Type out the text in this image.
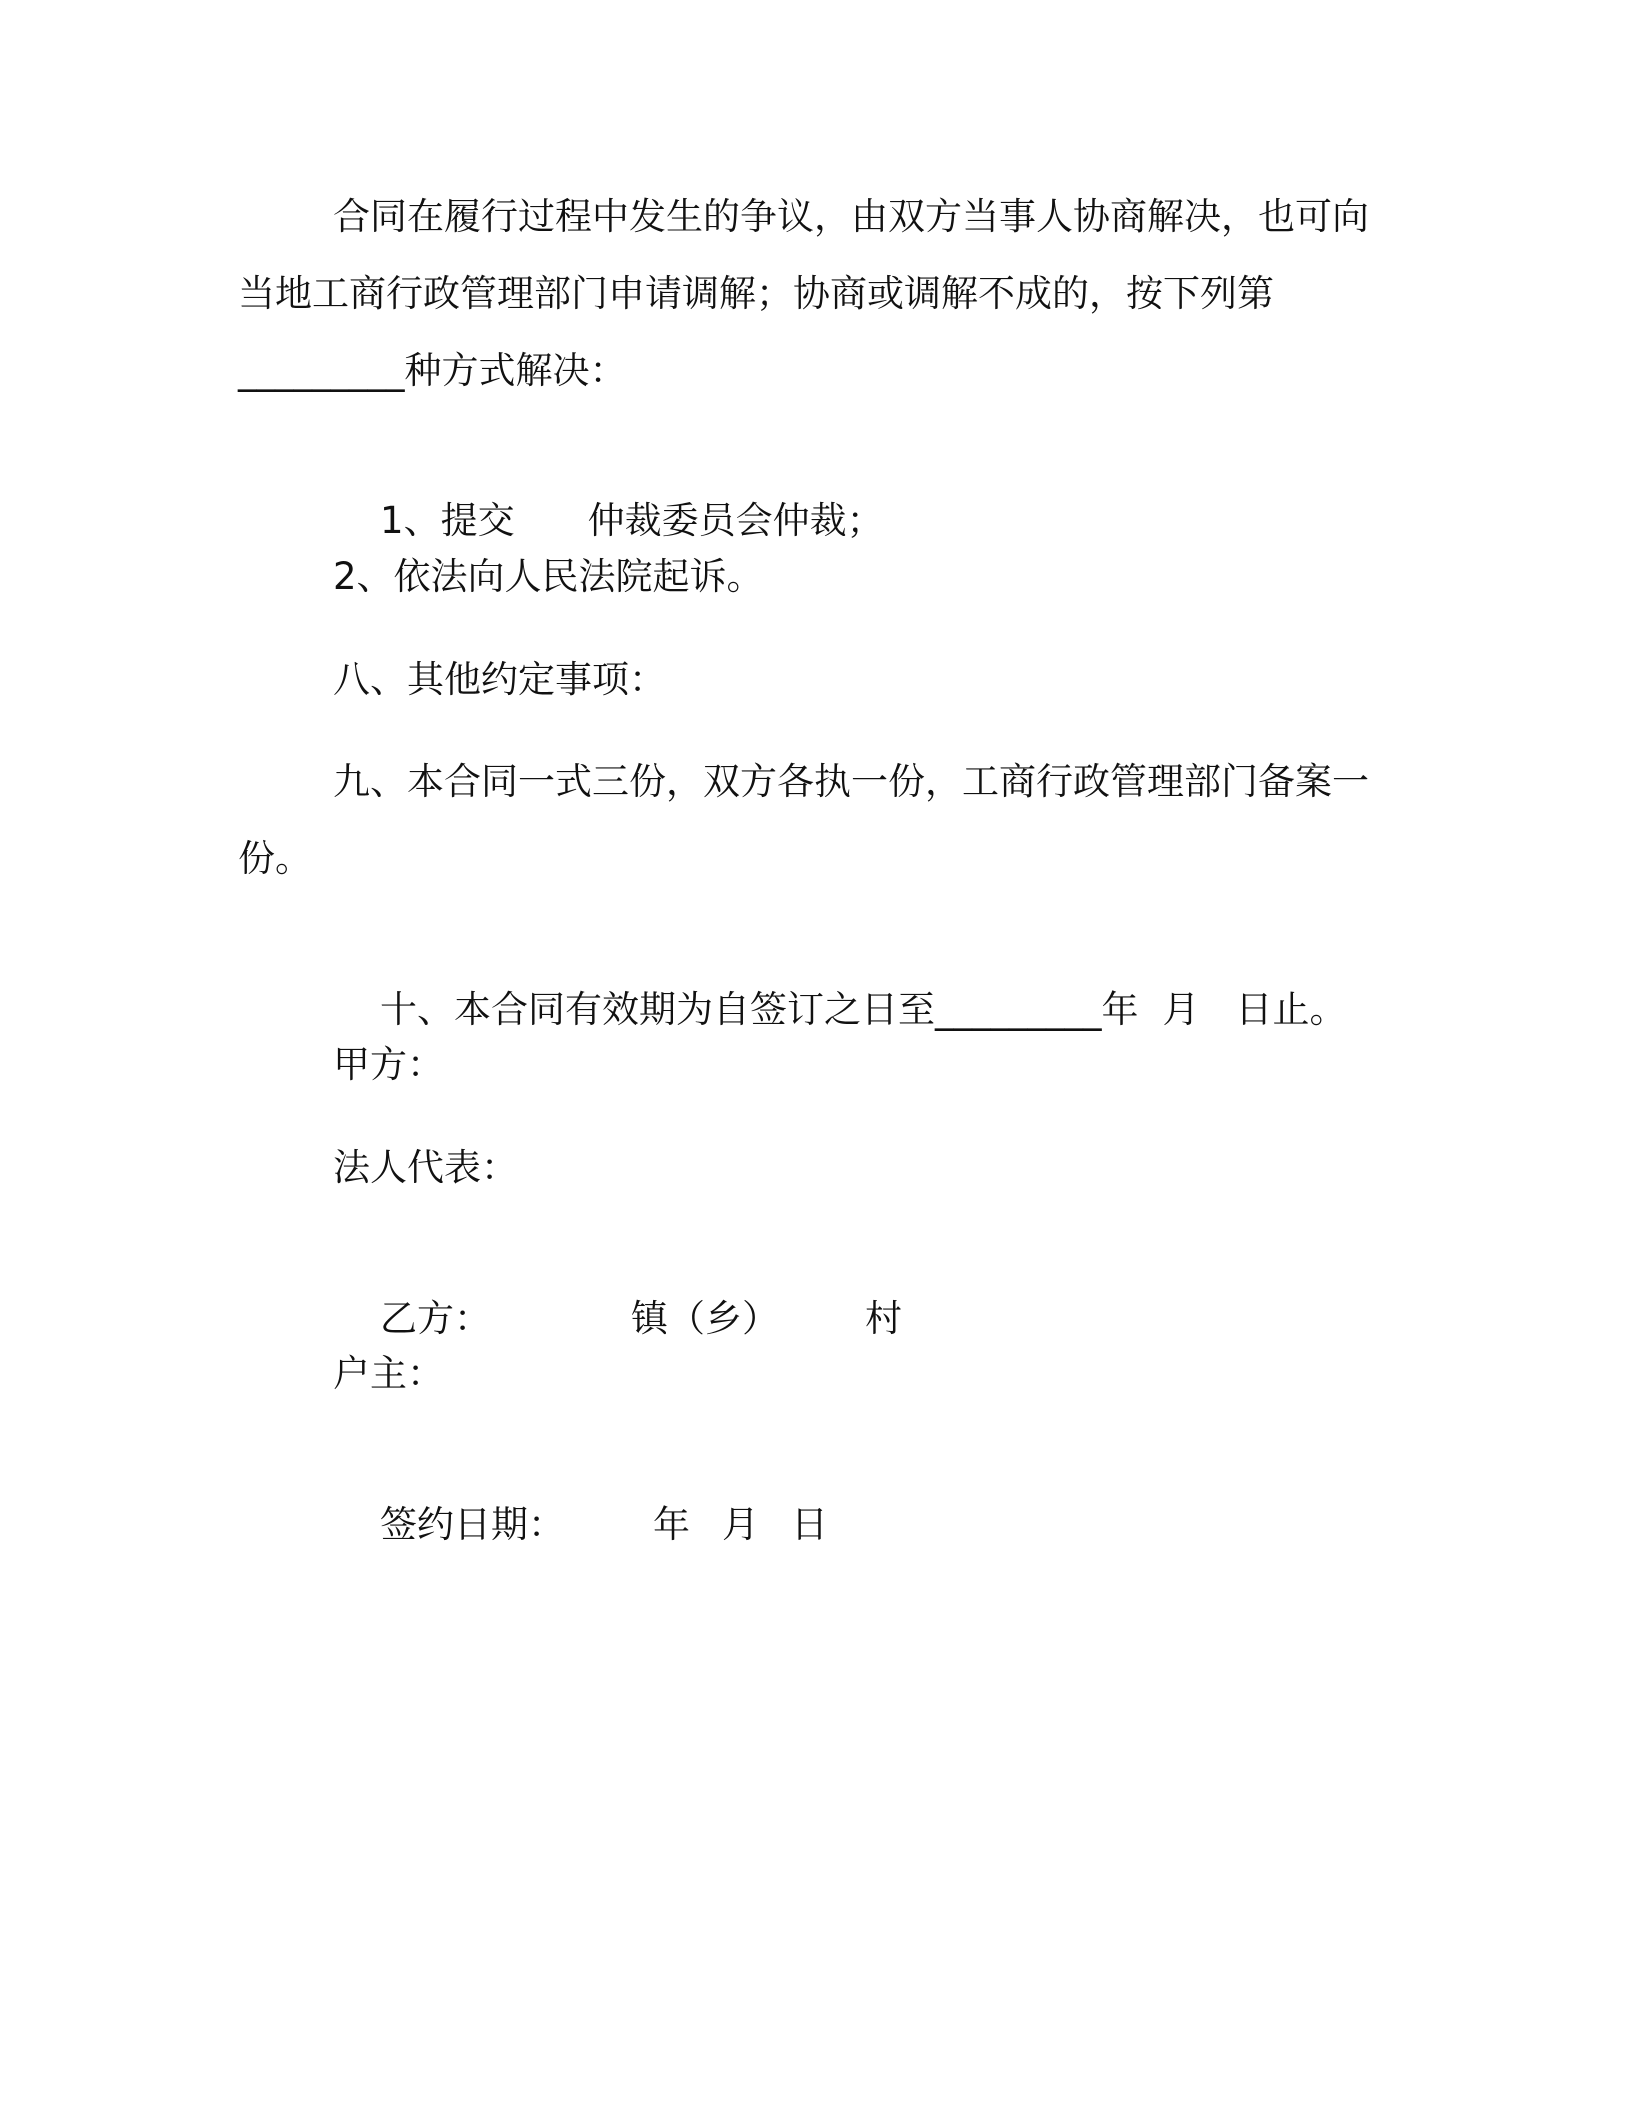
合同在履行过程中发生的争议，由双方当事人协商解决，也可向
当地工商行政管理部门申请调解；协商或调解不成的，按下列第
_________种方式解决：

1、提交 仲裁委员会仲裁；

2、依法向人民法院起诉。
八、其他约定事项：
九、本合同一式三份，双方各执一份，工商行政管理部门备案一
份。

十、本合同有效期为自签订之日至_________年 月 日止。

甲方：
法人代表：

乙方：	镇（乡） 村

户主：

签约日期： 年 月 日
